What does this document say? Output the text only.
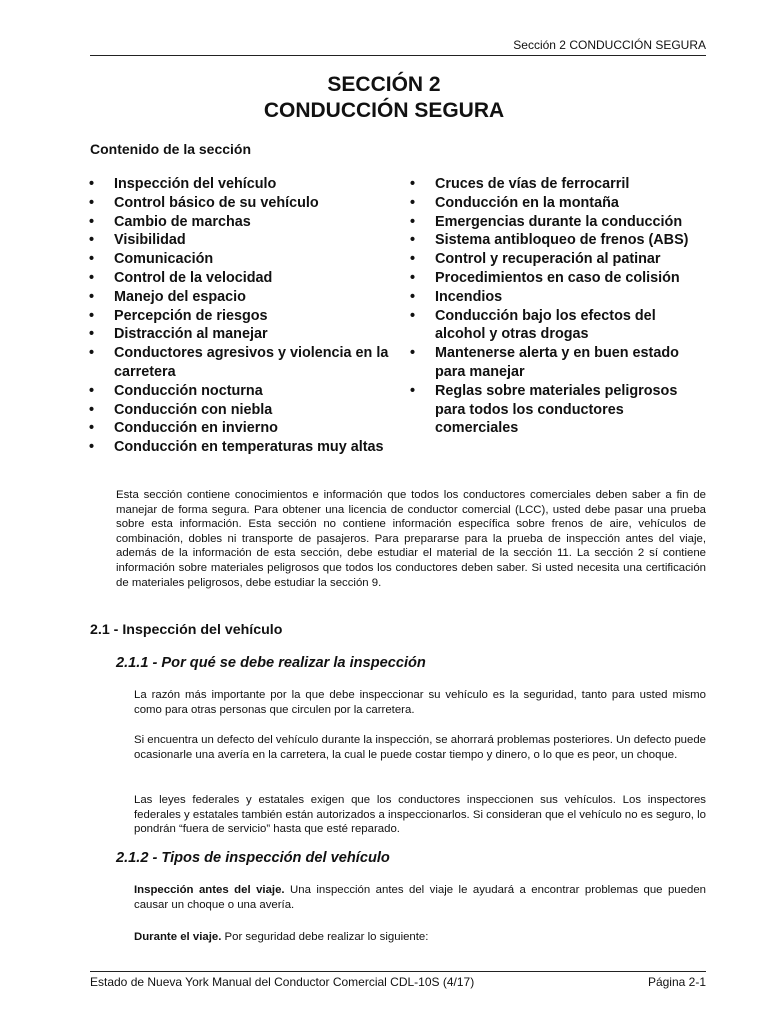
Sección 2 CONDUCCIÓN SEGURA
SECCIÓN 2
CONDUCCIÓN SEGURA
Contenido de la sección
• Inspección del vehículo
• Control básico de su vehículo
• Cambio de marchas
• Visibilidad
• Comunicación
• Control de la velocidad
• Manejo del espacio
• Percepción de riesgos
• Distracción al manejar
• Conductores agresivos y violencia en la carretera
• Conducción nocturna
• Conducción con niebla
• Conducción en invierno
• Conducción en temperaturas muy altas
• Cruces de vías de ferrocarril
• Conducción en la montaña
• Emergencias durante la conducción
• Sistema antibloqueo de frenos (ABS)
• Control y recuperación al patinar
• Procedimientos en caso de colisión
• Incendios
• Conducción bajo los efectos del alcohol y otras drogas
• Mantenerse alerta y en buen estado para manejar
• Reglas sobre materiales peligrosos para todos los conductores comerciales
Esta sección contiene conocimientos e información que todos los conductores comerciales deben saber a fin de manejar de forma segura. Para obtener una licencia de conductor comercial (LCC), usted debe pasar una prueba sobre esta información. Esta sección no contiene información específica sobre frenos de aire, vehículos de combinación, dobles ni transporte de pasajeros. Para prepararse para la prueba de inspección antes del viaje, además de la información de esta sección, debe estudiar el material de la sección 11. La sección 2 sí contiene información sobre materiales peligrosos que todos los conductores deben saber. Si usted necesita una certificación de materiales peligrosos, debe estudiar la sección 9.
2.1 - Inspección del vehículo
2.1.1 - Por qué se debe realizar la inspección
La razón más importante por la que debe inspeccionar su vehículo es la seguridad, tanto para usted mismo como para otras personas que circulen por la carretera.
Si encuentra un defecto del vehículo durante la inspección, se ahorrará problemas posteriores. Un defecto puede ocasionarle una avería en la carretera, la cual le puede costar tiempo y dinero, o lo que es peor, un choque.
Las leyes federales y estatales exigen que los conductores inspeccionen sus vehículos. Los inspectores federales y estatales también están autorizados a inspeccionarlos. Si consideran que el vehículo no es seguro, lo pondrán “fuera de servicio” hasta que esté reparado.
2.1.2 - Tipos de inspección del vehículo
Inspección antes del viaje. Una inspección antes del viaje le ayudará a encontrar problemas que pueden causar un choque o una avería.
Durante el viaje. Por seguridad debe realizar lo siguiente:
Estado de Nueva York Manual del Conductor Comercial CDL-10S (4/17)	Página 2-1
